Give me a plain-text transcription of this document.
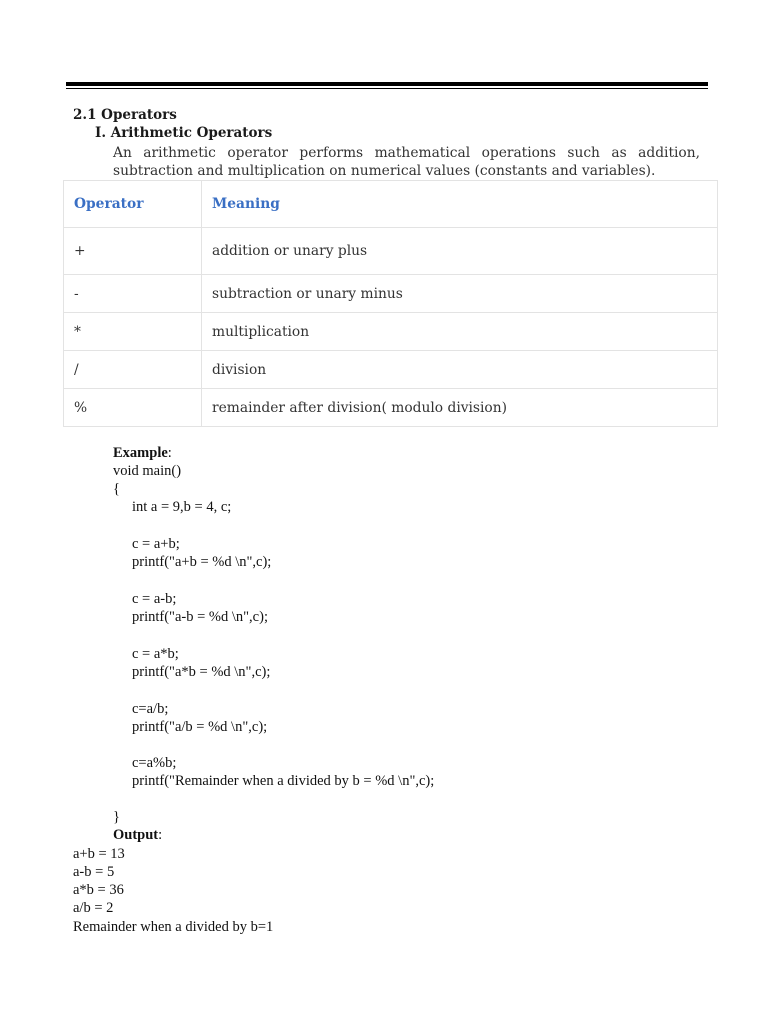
2.1 Operators
I. Arithmetic Operators
An arithmetic operator performs mathematical operations such as addition,
subtraction and multiplication on numerical values (constants and variables).
Operator	Meaning
+	addition or unary plus
-	subtraction or unary minus
*	multiplication
/	division
%	remainder after division( modulo division)
Example:
void main()
{
int a = 9,b = 4, c;
c = a+b;
printf("a+b = %d \n",c);
c = a-b;
printf("a-b = %d \n",c);
c = a*b;
printf("a*b = %d \n",c);
c=a/b;
printf("a/b = %d \n",c);
c=a%b;
printf("Remainder when a divided by b = %d \n",c);
}
Output:
a+b = 13
a-b = 5
a*b = 36
a/b = 2
Remainder when a divided by b=1
